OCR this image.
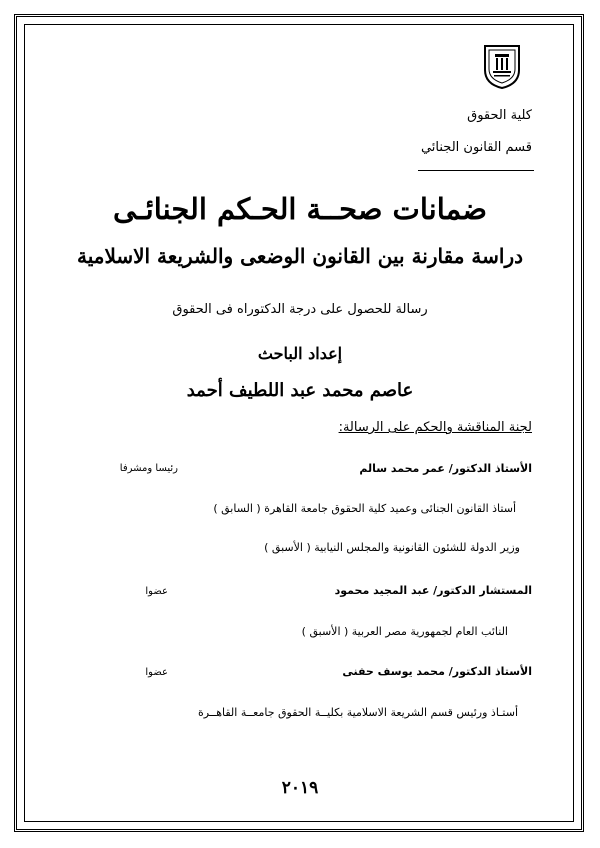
كلية الحقوق
قسم القانون الجنائي
ضمانات صحــة الحـكم الجنائـى
دراسة مقارنة بين القانون الوضعى والشريعة الاسلامية
رسالة للحصول على درجة الدكتوراه فى الحقوق
إعداد الباحث
عاصم محمد عبد اللطيف أحمد
لجنة المناقشة والحكم على الرسالة:
الأستاذ الدكتور/ عمر محمد سالم
رئيسا ومشرفا
أستاذ القانون الجنائى وعميد كلية الحقوق جامعة القاهرة ( السابق )
وزير الدولة للشئون القانونية والمجلس النيابية ( الأسبق )
المستشار الدكتور/ عبد المجيد محمود
عضوا
النائب العام لجمهورية مصر العربية ( الأسبق )
الأستاذ الدكتور/ محمد يوسف حفنى
عضوا
أستـاذ ورئيس قسم الشريعة الاسلامية بكليــة الحقوق جامعــة القاهــرة
٢٠١٩
